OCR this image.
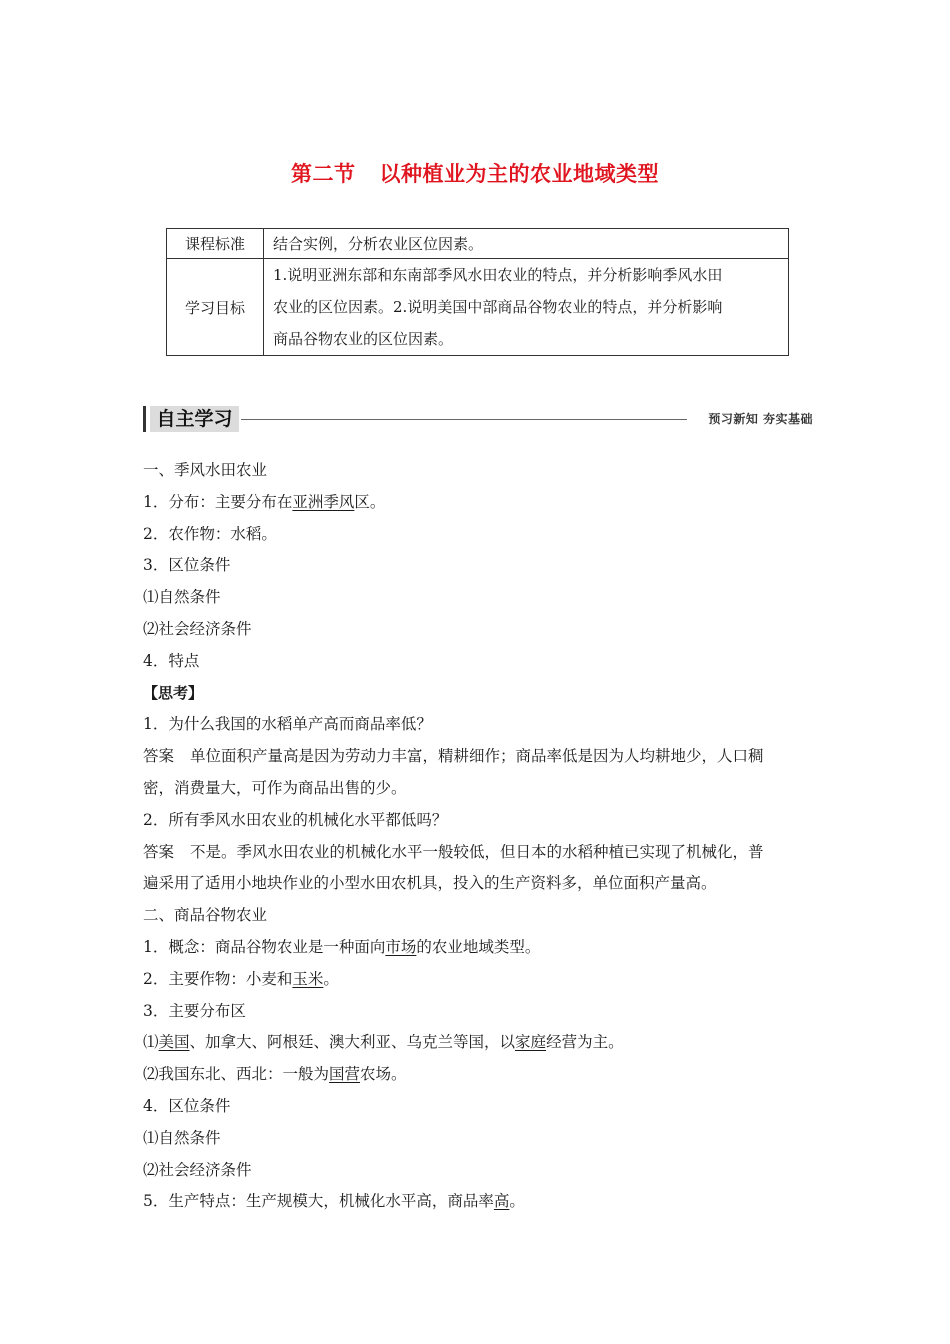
第二节 以种植业为主的农业地域类型
课程标准	结合实例，分析农业区位因素。
学习目标	1.说明亚洲东部和东南部季风水田农业的特点，并分析影响季风水田
农业的区位因素。2.说明美国中部商品谷物农业的特点，并分析影响
商品谷物农业的区位因素。
自主学习	预习新知 夯实基础

一、季风水田农业

1．分布：主要分布在亚洲季风区。

2．农作物：水稻。

3．区位条件

⑴自然条件

⑵社会经济条件

4．特点

【思考】

1．为什么我国的水稻单产高而商品率低？

答案 单位面积产量高是因为劳动力丰富，精耕细作；商品率低是因为人均耕地少，人口稠

密，消费量大，可作为商品出售的少。

2．所有季风水田农业的机械化水平都低吗？

答案 不是。季风水田农业的机械化水平一般较低，但日本的水稻种植已实现了机械化，普

遍采用了适用小地块作业的小型水田农机具，投入的生产资料多，单位面积产量高。

二、商品谷物农业

1．概念：商品谷物农业是一种面向市场的农业地域类型。

2．主要作物：小麦和玉米。

3．主要分布区

⑴美国、加拿大、阿根廷、澳大利亚、乌克兰等国，以家庭经营为主。

⑵我国东北、西北：一般为国营农场。

4．区位条件

⑴自然条件

⑵社会经济条件

5．生产特点：生产规模大，机械化水平高，商品率高。
